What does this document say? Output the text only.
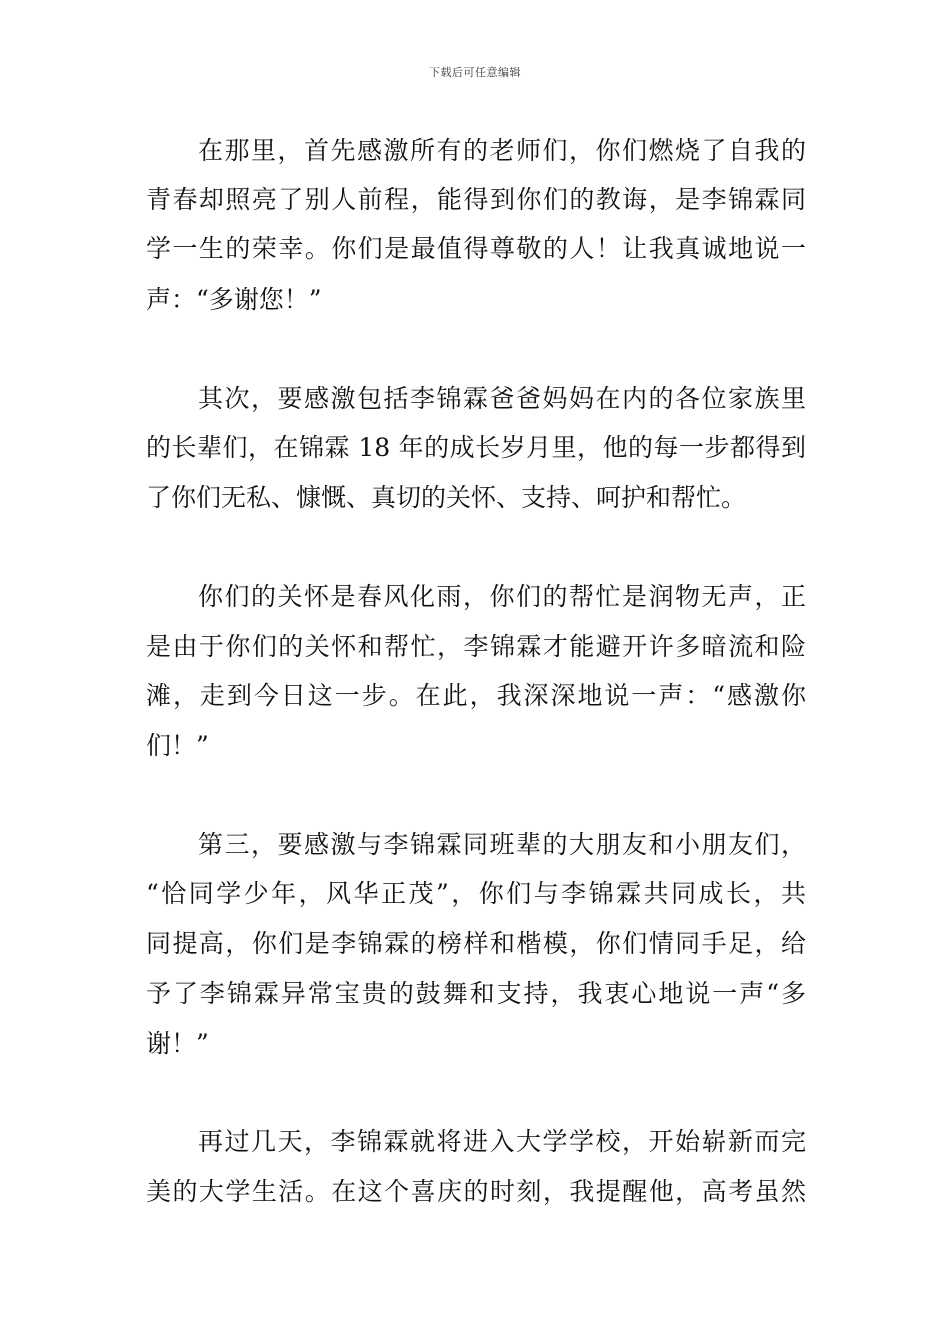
下载后可任意编辑
在那里，首先感激所有的老师们，你们燃烧了自我的
青春却照亮了别人前程，能得到你们的教诲，是李锦霖同
学一生的荣幸。你们是最值得尊敬的人！让我真诚地说一
声：“多谢您！”
其次，要感激包括李锦霖爸爸妈妈在内的各位家族里
的长辈们，在锦霖 18 年的成长岁月里，他的每一步都得到
了你们无私、慷慨、真切的关怀、支持、呵护和帮忙。
你们的关怀是春风化雨，你们的帮忙是润物无声，正
是由于你们的关怀和帮忙，李锦霖才能避开许多暗流和险
滩，走到今日这一步。在此，我深深地说一声：“感激你
们！”
第三，要感激与李锦霖同班辈的大朋友和小朋友们，
“恰同学少年，风华正茂”，你们与李锦霖共同成长，共
同提高，你们是李锦霖的榜样和楷模，你们情同手足，给
予了李锦霖异常宝贵的鼓舞和支持，我衷心地说一声“多
谢！”
再过几天，李锦霖就将进入大学学校，开始崭新而完
美的大学生活。在这个喜庆的时刻，我提醒他，高考虽然
